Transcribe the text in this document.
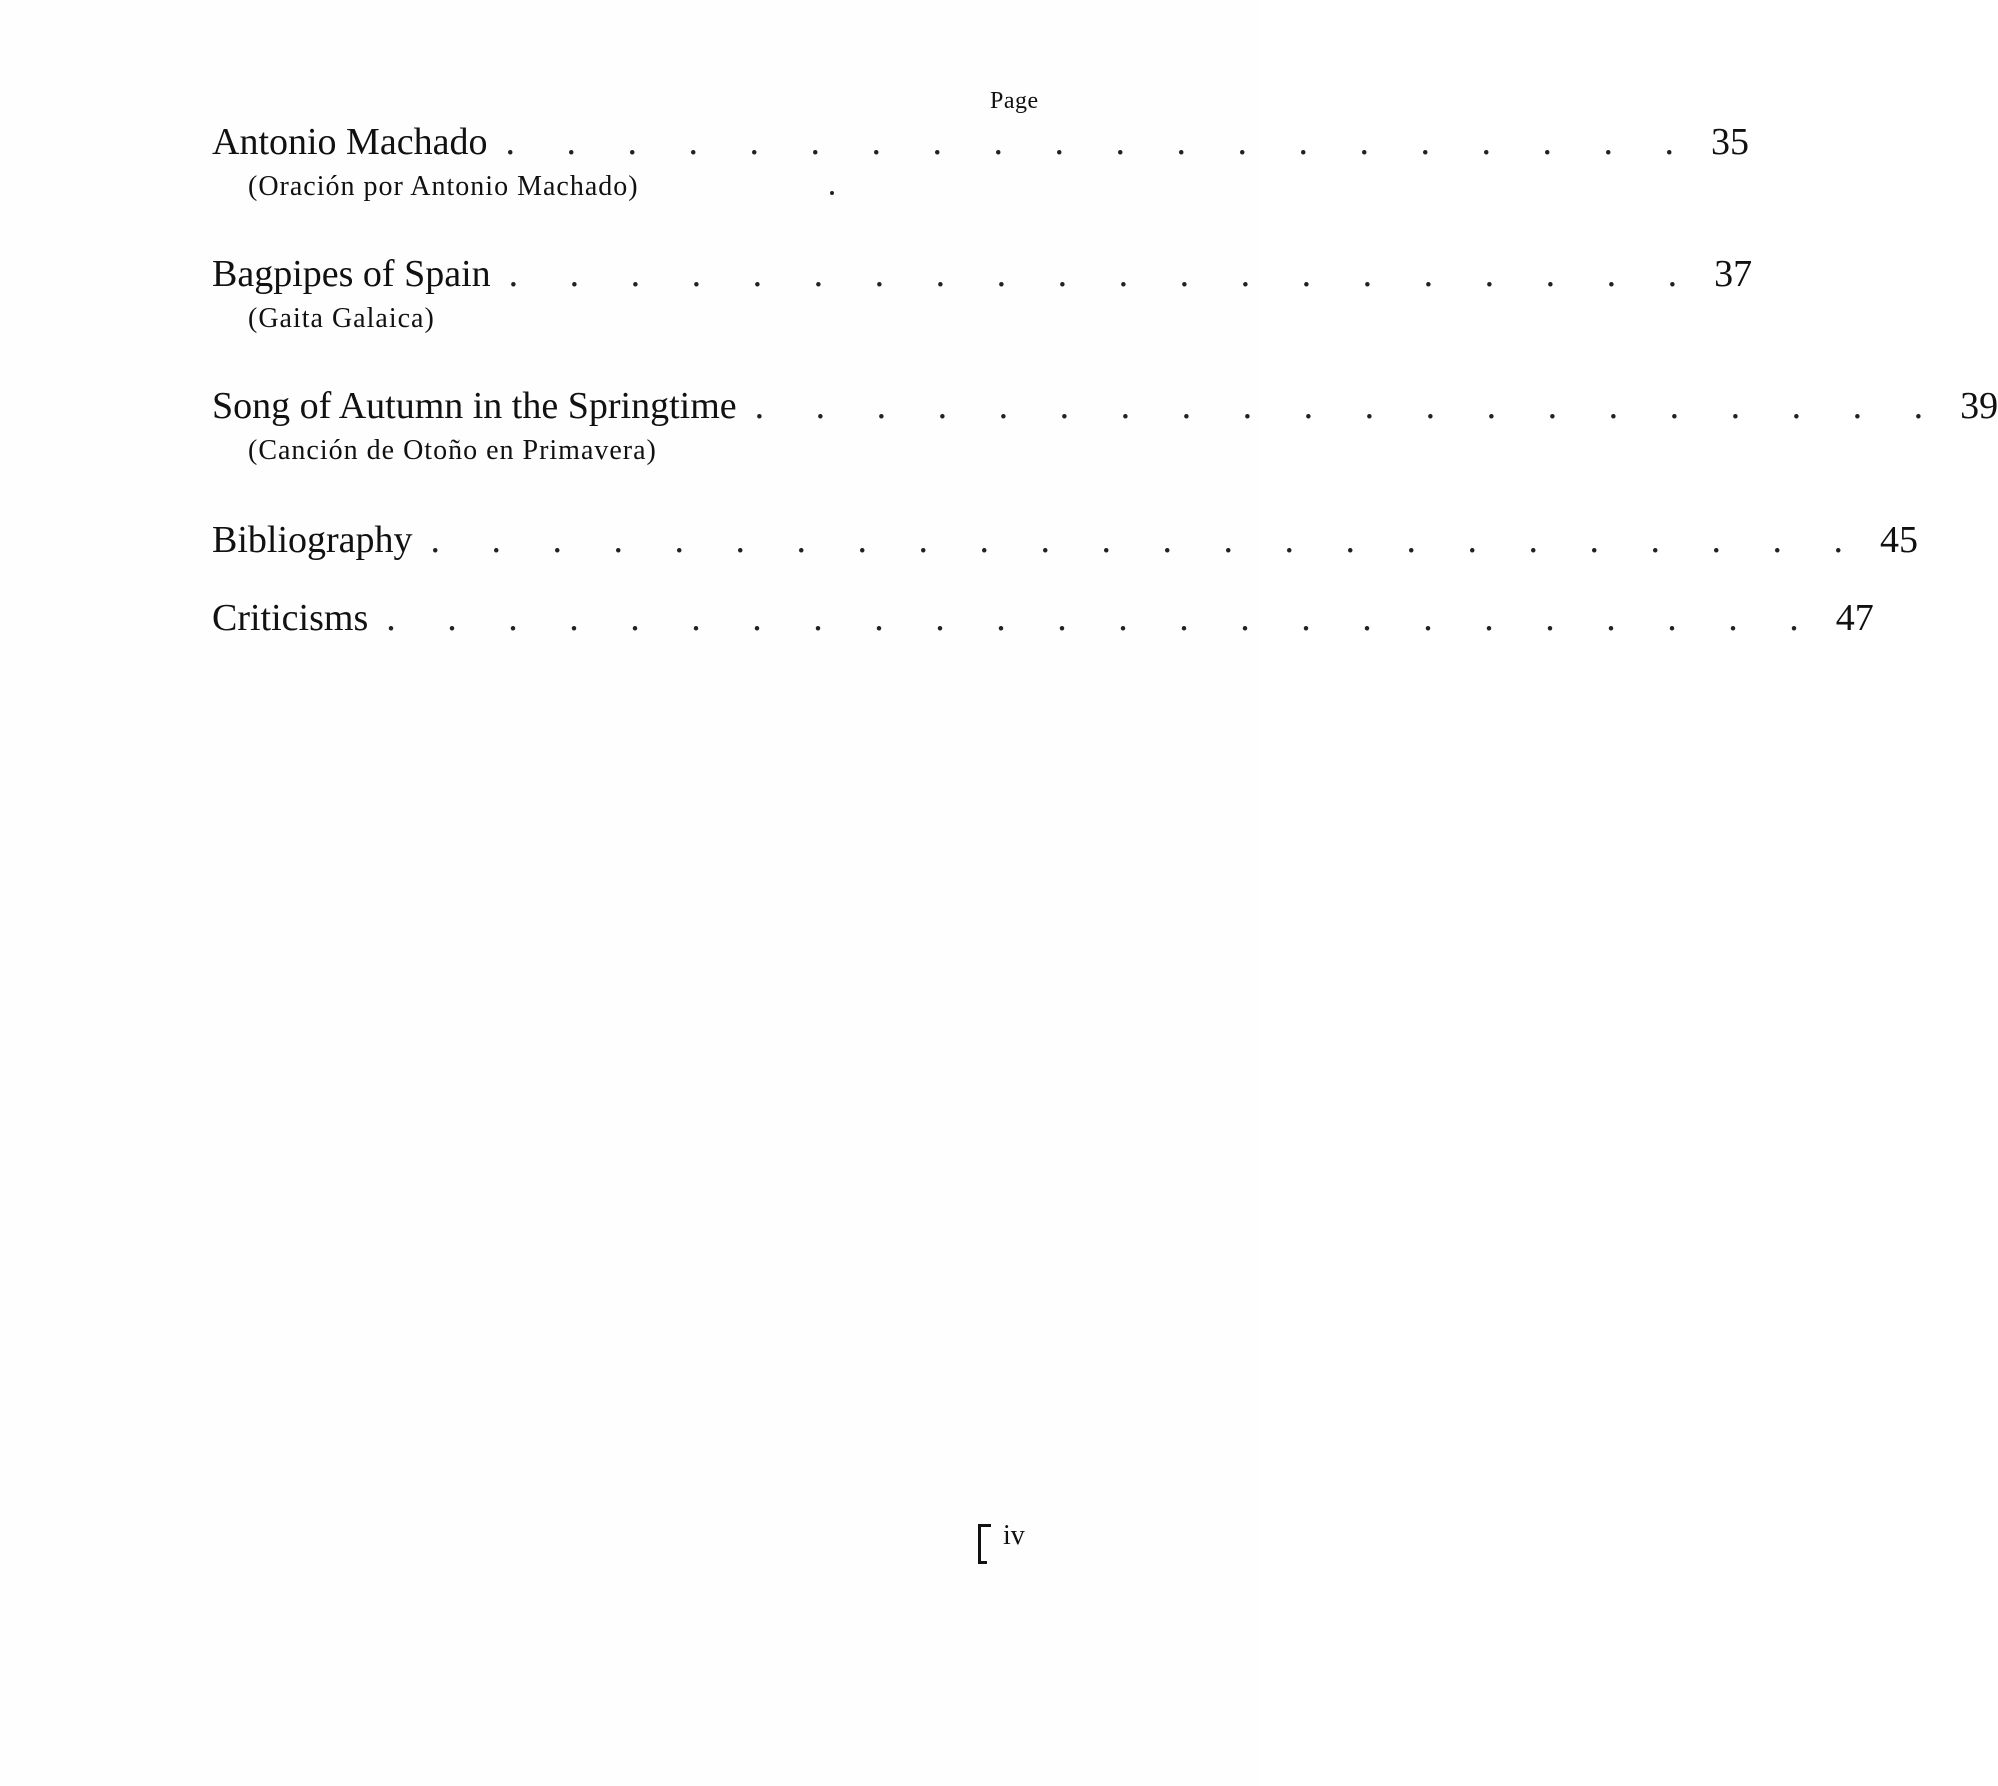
Page
Antonio Machado . . . . . . . . . . . . . . . . . . . . 35
(Oración por Antonio Machado)
Bagpipes of Spain . . . . . . . . . . . . . . . . . . . . 37
(Gaita Galaica)
Song of Autumn in the Springtime . . . . . . . . . . . . . . . . . . . . 39
(Canción de Otoño en Primavera)
Bibliography . . . . . . . . . . . . . . . . . . . . . . . . 45
Criticisms . . . . . . . . . . . . . . . . . . . . . . . . 47
iv
